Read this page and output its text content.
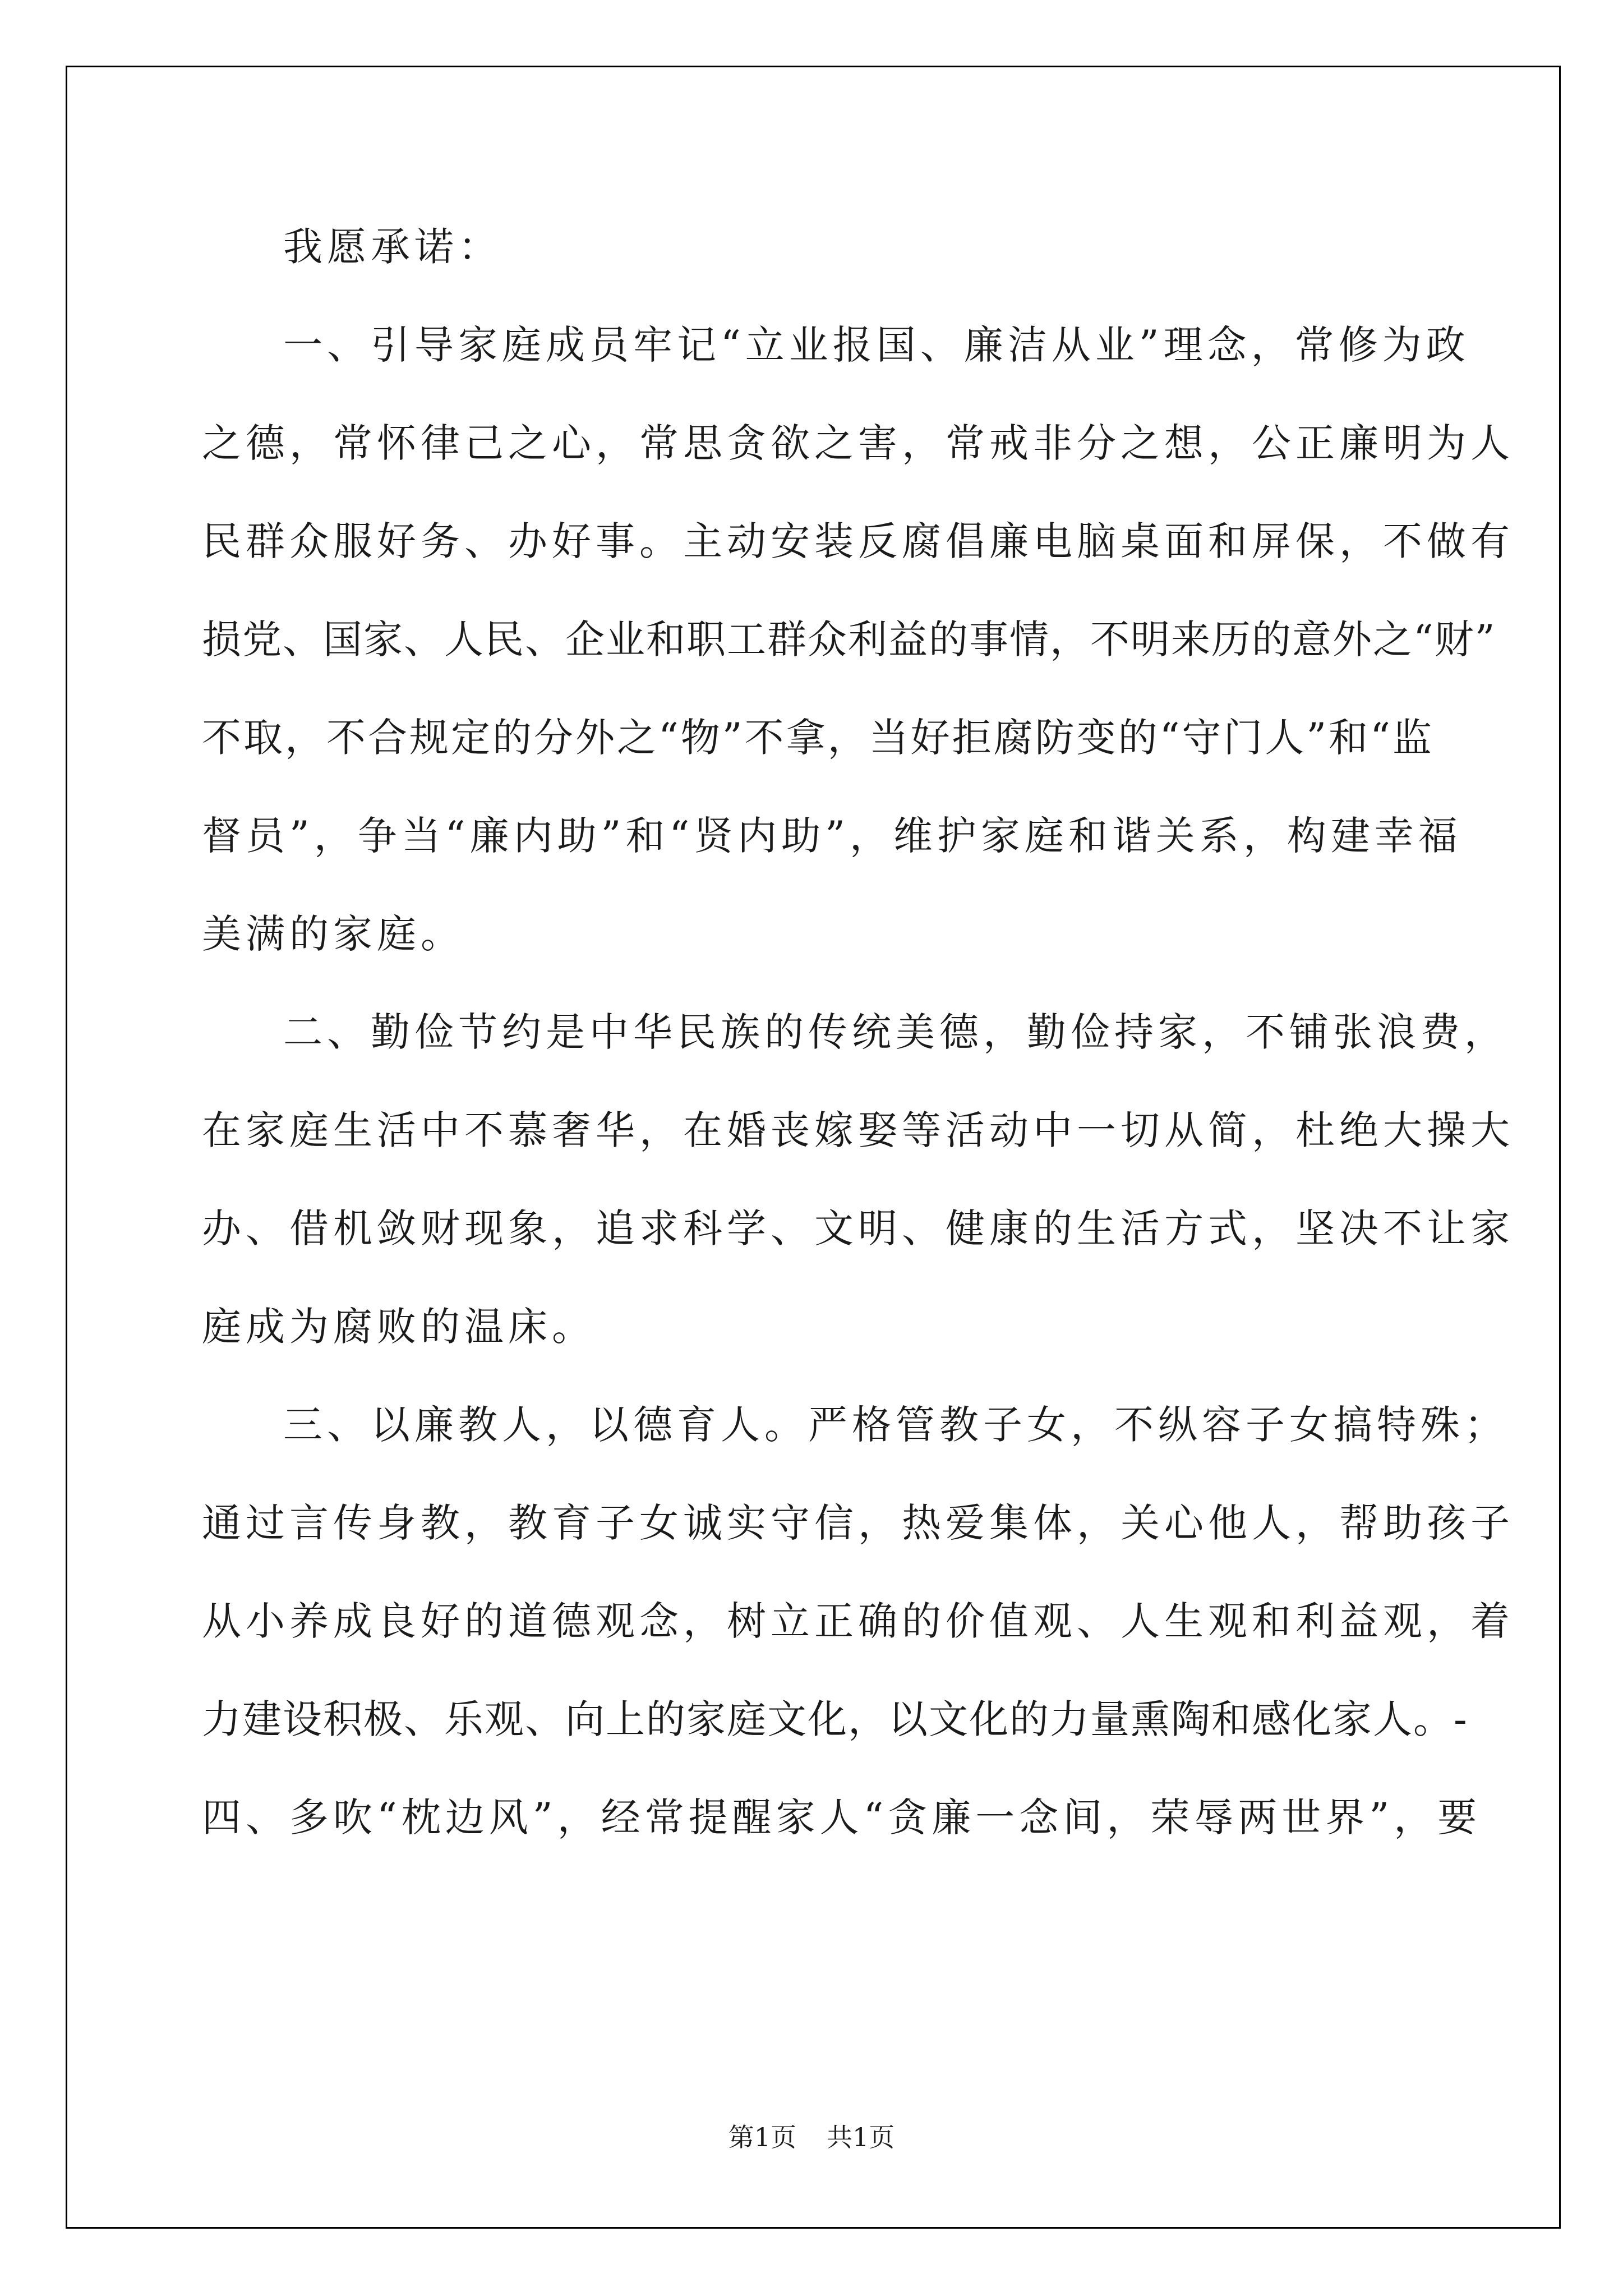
我愿承诺：
一、引导家庭成员牢记“立业报国、廉洁从业”理念，常修为政
之德，常怀律己之心，常思贪欲之害，常戒非分之想，公正廉明为人
民群众服好务、办好事。主动安装反腐倡廉电脑桌面和屏保，不做有
损党、国家、人民、企业和职工群众利益的事情，不明来历的意外之“财”
不取，不合规定的分外之“物”不拿，当好拒腐防变的“守门人”和“监
督员”，争当“廉内助”和“贤内助”，维护家庭和谐关系，构建幸福
美满的家庭。
二、勤俭节约是中华民族的传统美德，勤俭持家，不铺张浪费，
在家庭生活中不慕奢华，在婚丧嫁娶等活动中一切从简，杜绝大操大
办、借机敛财现象，追求科学、文明、健康的生活方式，坚决不让家
庭成为腐败的温床。
三、以廉教人，以德育人。严格管教子女，不纵容子女搞特殊；
通过言传身教，教育子女诚实守信，热爱集体，关心他人，帮助孩子
从小养成良好的道德观念，树立正确的价值观、人生观和利益观，着
力建设积极、乐观、向上的家庭文化，以文化的力量熏陶和感化家人。-
四、多吹“枕边风”，经常提醒家人“贪廉一念间，荣辱两世界”，要
第1页 共1页
